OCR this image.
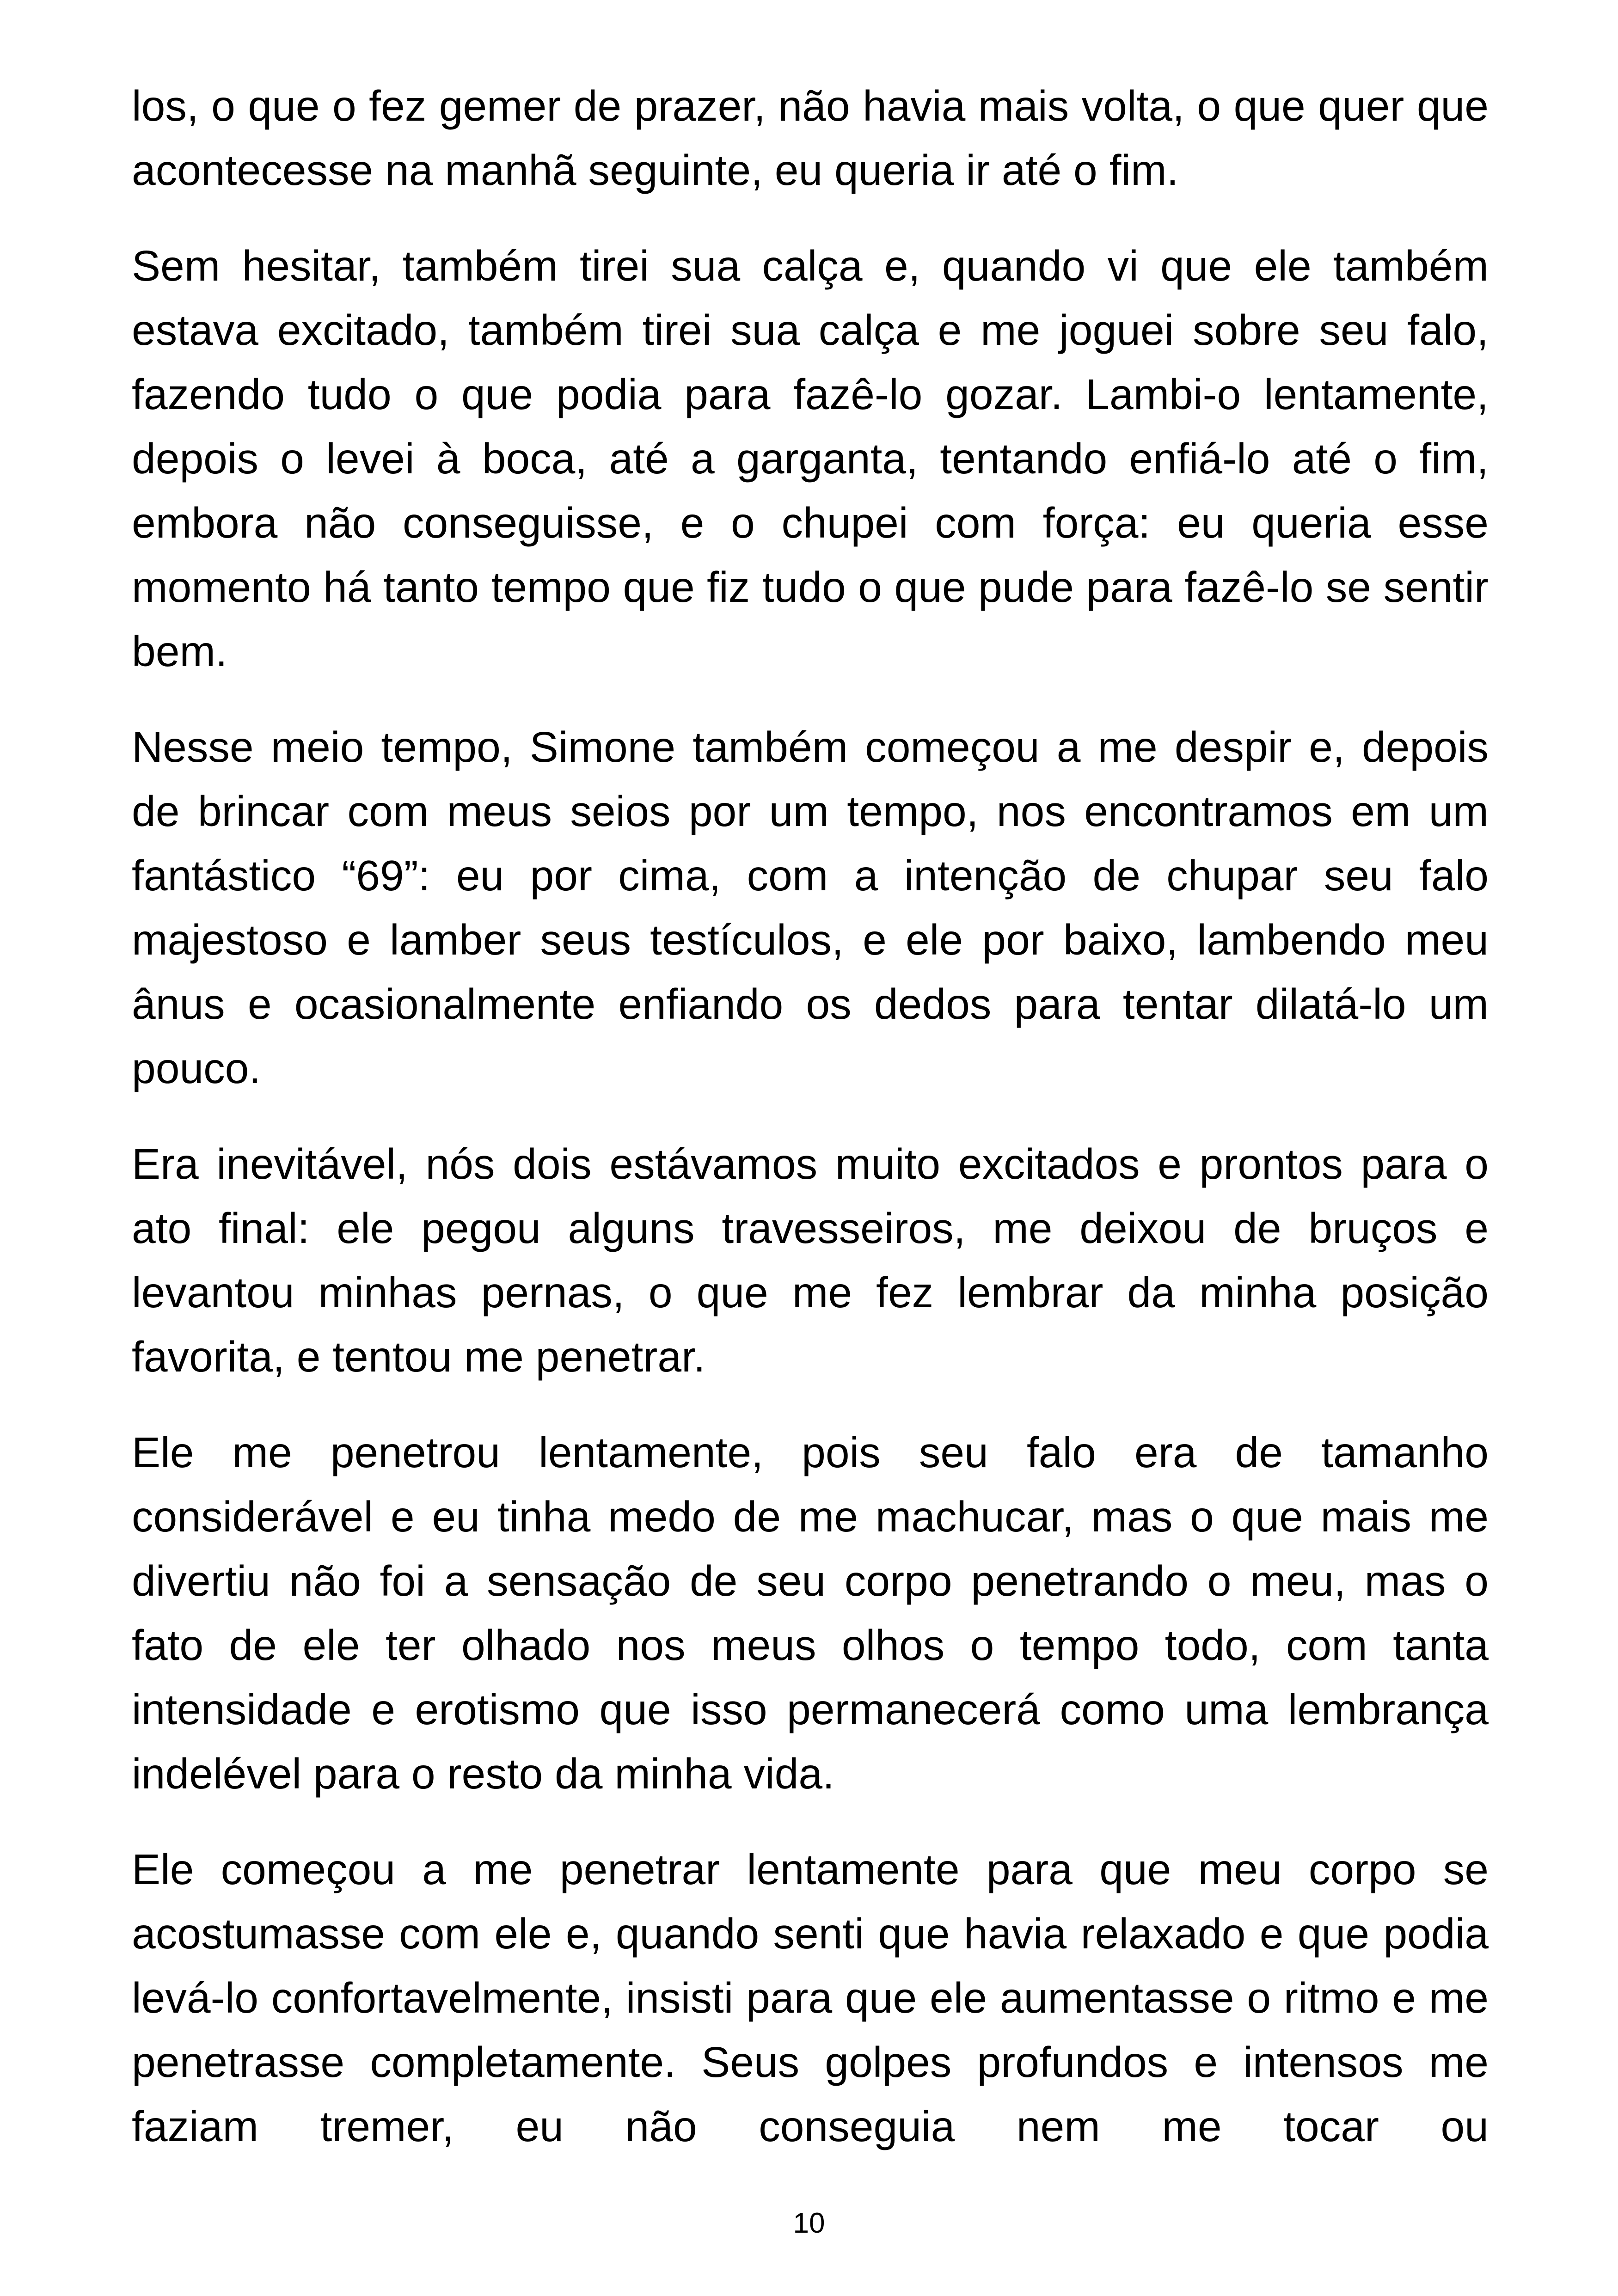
los, o que o fez gemer de prazer, não havia mais volta, o que quer que acontecesse na manhã seguinte, eu queria ir até o fim.

Sem hesitar, também tirei sua calça e, quando vi que ele também estava excitado, também tirei sua calça e me joguei sobre seu falo, fazendo tudo o que podia para fazê-lo gozar. Lambi-o lentamente, depois o levei à boca, até a garganta, tentando enfiá-lo até o fim, embora não conseguisse, e o chupei com força: eu queria esse momento há tanto tempo que fiz tudo o que pude para fazê-lo se sentir bem.

Nesse meio tempo, Simone também começou a me despir e, depois de brincar com meus seios por um tempo, nos encontramos em um fantástico “69”: eu por cima, com a intenção de chupar seu falo majestoso e lamber seus testículos, e ele por baixo, lambendo meu ânus e ocasionalmente enfiando os dedos para tentar dilatá-lo um pouco.

Era inevitável, nós dois estávamos muito excitados e prontos para o ato final: ele pegou alguns travesseiros, me deixou de bruços e levantou minhas pernas, o que me fez lembrar da minha posição favorita, e tentou me penetrar.

Ele me penetrou lentamente, pois seu falo era de tamanho considerável e eu tinha medo de me machucar, mas o que mais me divertiu não foi a sensação de seu corpo penetrando o meu, mas o fato de ele ter olhado nos meus olhos o tempo todo, com tanta intensidade e erotismo que isso permanecerá como uma lembrança indelével para o resto da minha vida.

Ele começou a me penetrar lentamente para que meu corpo se acostumasse com ele e, quando senti que havia relaxado e que podia levá-lo confortavelmente, insisti para que ele aumentasse o ritmo e me penetrasse completamente. Seus golpes profundos e intensos me faziam tremer, eu não conseguia nem me tocar ou

10
